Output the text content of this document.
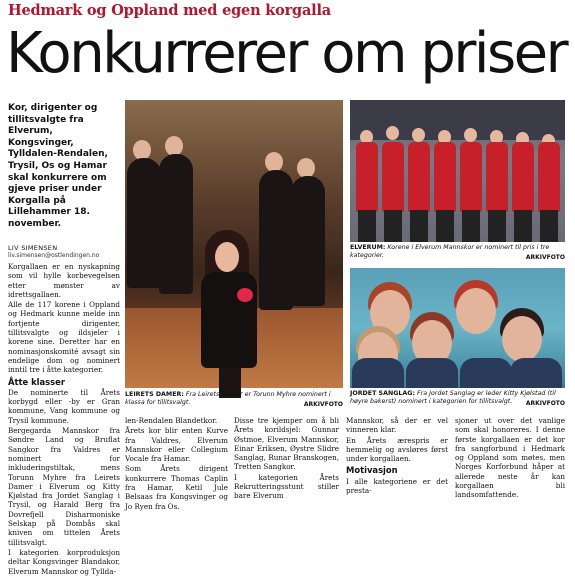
Hedmark og Oppland med egen korgalla
Konkurrerer om priser
Kor, dirigenter og tillitsvalgte fra Elverum, Kongsvinger, Tylldalen-Rendalen, Trysil, Os og Hamar skal konkurrere om gjeve priser under Korgalla på Lillehammer 18. november.
LIV SIMENSEN
liv.simensen@ostlendingen.no

Korgallaen er en nyskapning som vil hylle korbevegelsen etter mønster av idrettsgallaen.

Alle de 117 korene i Oppland og Hedmark kunne melde inn fortjente dirigenter, tillitsvalgte og ildsjeler i korene sine. Deretter har en nominasjonskomité avsagt sin endelige dom og nominert inntil tre i åtte kategorier.

Åtte klasser

De nominerte til Årets korbygd eller -by er Gran kommune, Vang kommune og Trysil kommune.

Bergegarda Mannskor fra Søndre Land og Bruflat Sangkor fra Valdres er nominert for inkluderingstiltak, mens Torunn Myhre fra Leirets Damer i Elverum og Kitty Kjølstad fra Jordet Sanglag i Trysil, og Harald Berg fra Dovrefjell Disharmoniske Selskap på Dombås skal kniven om tittelen Årets tillitsvalgt.

I kategorien korproduksjon deltar Kongsvinger Blandakor, Elverum Mannskor og Tyllda-

ELVERUM: Korene i Elverum Mannskor er nominert til pris i tre kategorier.	ARKIVFOTO
JORDET SANGLAG: Fra Jordet Sanglag er leder Kitty Kjølstad (til høyre bakerst) nominert i kategorien for tillitsvalgt. ARKIVFOTO
LEIRETS DAMER: Fra Leirets Damer er Torunn Myhre nominert i klassa for tillitsvalgt.	ARKIVFOTO

len-Rendalen Blandetkor.

Årets kor blir enten Kurve fra Valdres, Elverum Mannskor eller Collegium Vocale fra Hamar.

Som Årets dirigent konkurrere Thomas Caplin fra Hamar, Ketil Jule Belsaas fra Kongsvinger og Jo Ryen fra Os.

Disse tre kjemper om å bli Årets korildsjel: Gunnar Østmoe, Elverum Mannskor, Einar Eriksen, Øystre Slidre Sanglag, Runar Branskogen, Tretten Sangkor.

I kategorien Årets Rekrutteringsstunt stiller bare Elverum

Mannskor, så der er vel vinneren klar.

En Årets ærespris er hemmelig og avsløres først under korgallaen.

Motivasjon

I alle kategoriene er det presta-

sjoner ut over det vanlige som skal honoreres. I denne første korgallaen er det kor fra sangforbund i Hedmark og Oppland som møtes, men Norges Korforbund håper at allerede neste år kan korgallaen bli landsomfattende.
